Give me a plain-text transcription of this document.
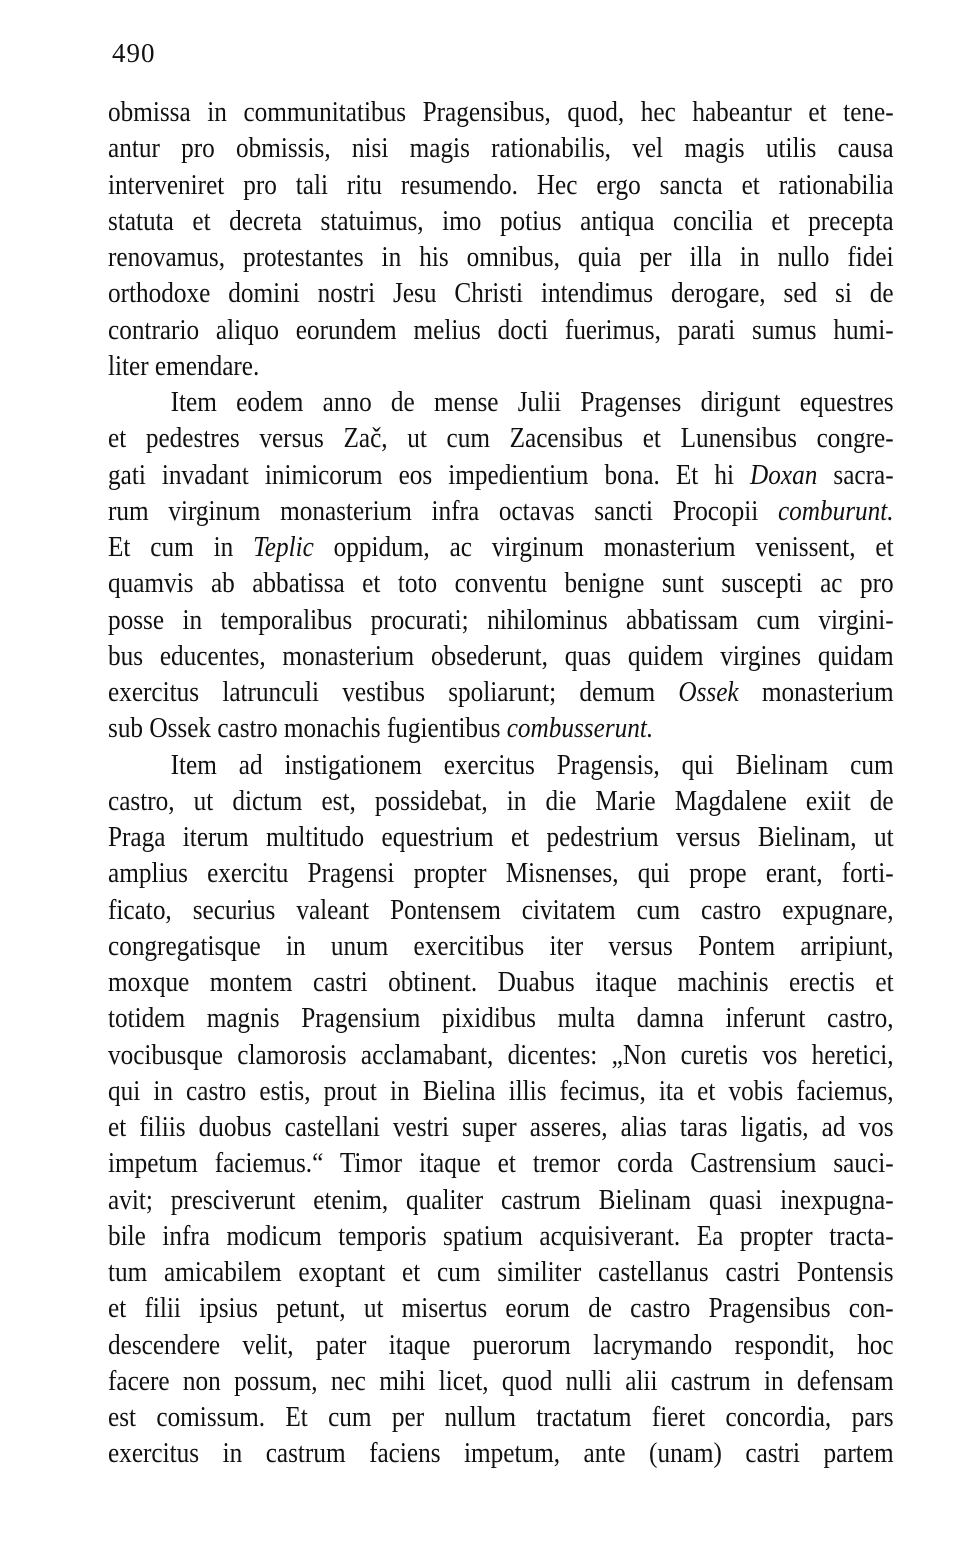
490
obmissa in communitatibus Pragensibus, quod, hec habeantur et tene-
antur pro obmissis, nisi magis rationabilis, vel magis utilis causa
interveniret pro tali ritu resumendo. Hec ergo sancta et rationabilia
statuta et decreta statuimus, imo potius antiqua concilia et precepta
renovamus, protestantes in his omnibus, quia per illa in nullo fidei
orthodoxe domini nostri Jesu Christi intendimus derogare, sed si de
contrario aliquo eorundem melius docti fuerimus, parati sumus humi-
liter emendare.
Item eodem anno de mense Julii Pragenses dirigunt equestres
et pedestres versus Zač, ut cum Zacensibus et Lunensibus congre-
gati invadant inimicorum eos impedientium bona. Et hi Doxan sacra-
rum virginum monasterium infra octavas sancti Procopii comburunt.
Et cum in Teplic oppidum, ac virginum monasterium venissent, et
quamvis ab abbatissa et toto conventu benigne sunt suscepti ac pro
posse in temporalibus procurati; nihilominus abbatissam cum virgini-
bus educentes, monasterium obsederunt, quas quidem virgines quidam
exercitus latrunculi vestibus spoliarunt; demum Ossek monasterium
sub Ossek castro monachis fugientibus combusserunt.
Item ad instigationem exercitus Pragensis, qui Bielinam cum
castro, ut dictum est, possidebat, in die Marie Magdalene exiit de
Praga iterum multitudo equestrium et pedestrium versus Bielinam, ut
amplius exercitu Pragensi propter Misnenses, qui prope erant, forti-
ficato, securius valeant Pontensem civitatem cum castro expugnare,
congregatisque in unum exercitibus iter versus Pontem arripiunt,
moxque montem castri obtinent. Duabus itaque machinis erectis et
totidem magnis Pragensium pixidibus multa damna inferunt castro,
vocibusque clamorosis acclamabant, dicentes: „Non curetis vos heretici,
qui in castro estis, prout in Bielina illis fecimus, ita et vobis faciemus,
et filiis duobus castellani vestri super asseres, alias taras ligatis, ad vos
impetum faciemus.“ Timor itaque et tremor corda Castrensium sauci-
avit; presciverunt etenim, qualiter castrum Bielinam quasi inexpugna-
bile infra modicum temporis spatium acquisiverant. Ea propter tracta-
tum amicabilem exoptant et cum similiter castellanus castri Pontensis
et filii ipsius petunt, ut misertus eorum de castro Pragensibus con-
descendere velit, pater itaque puerorum lacrymando respondit, hoc
facere non possum, nec mihi licet, quod nulli alii castrum in defensam
est comissum. Et cum per nullum tractatum fieret concordia, pars
exercitus in castrum faciens impetum, ante (unam) castri partem
